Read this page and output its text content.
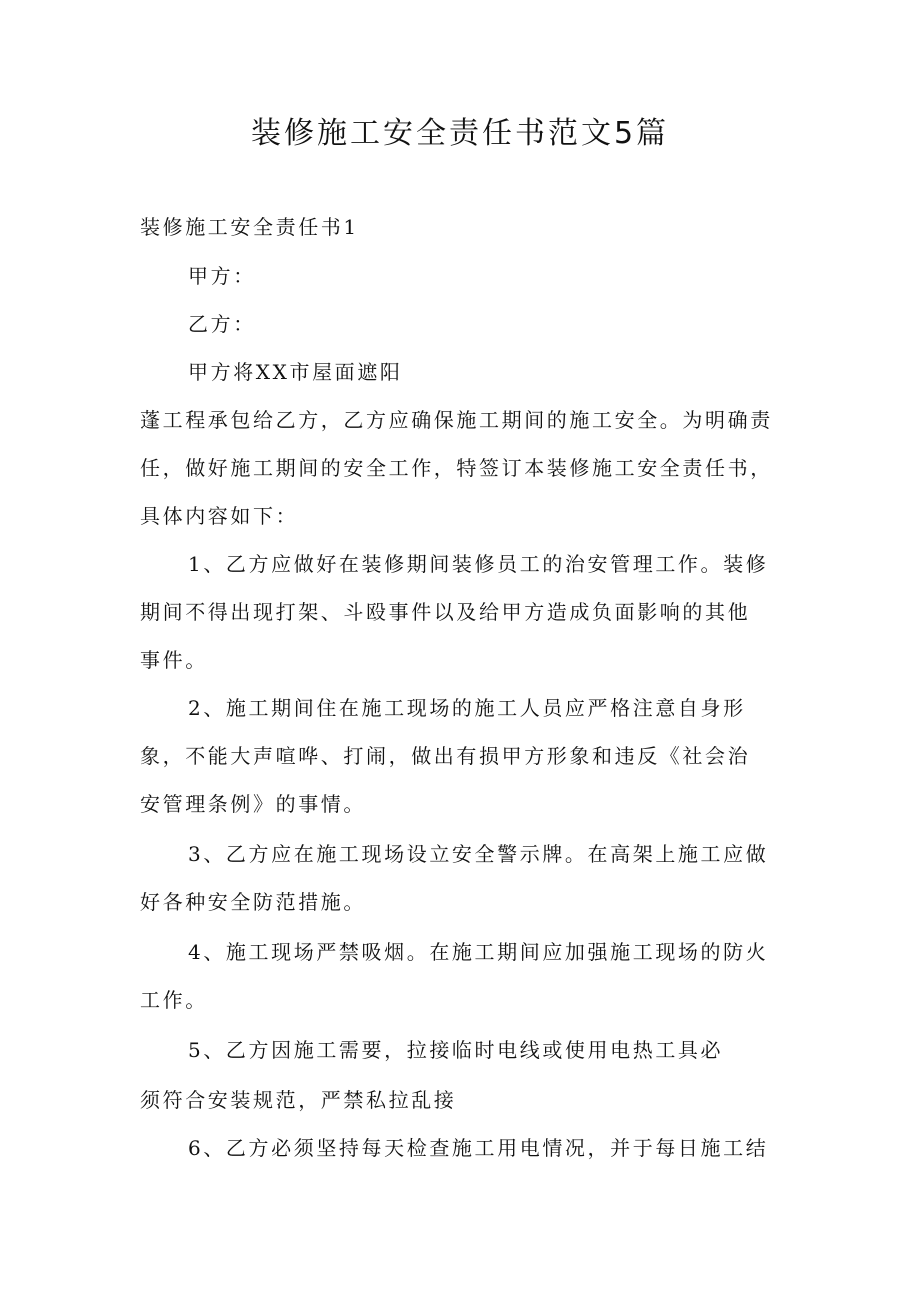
装修施工安全责任书范文5篇

装修施工安全责任书1

甲方：

乙方：

甲方将XX市屋面遮阳

蓬工程承包给乙方，乙方应确保施工期间的施工安全。为明确责

任，做好施工期间的安全工作，特签订本装修施工安全责任书，

具体内容如下：

1、乙方应做好在装修期间装修员工的治安管理工作。装修

期间不得出现打架、斗殴事件以及给甲方造成负面影响的其他

事件。

2、施工期间住在施工现场的施工人员应严格注意自身形

象，不能大声喧哗、打闹，做出有损甲方形象和违反《社会治

安管理条例》的事情。

3、乙方应在施工现场设立安全警示牌。在高架上施工应做

好各种安全防范措施。

4、施工现场严禁吸烟。在施工期间应加强施工现场的防火

工作。

5、乙方因施工需要，拉接临时电线或使用电热工具必

须符合安装规范，严禁私拉乱接

6、乙方必须坚持每天检查施工用电情况，并于每日施工结
